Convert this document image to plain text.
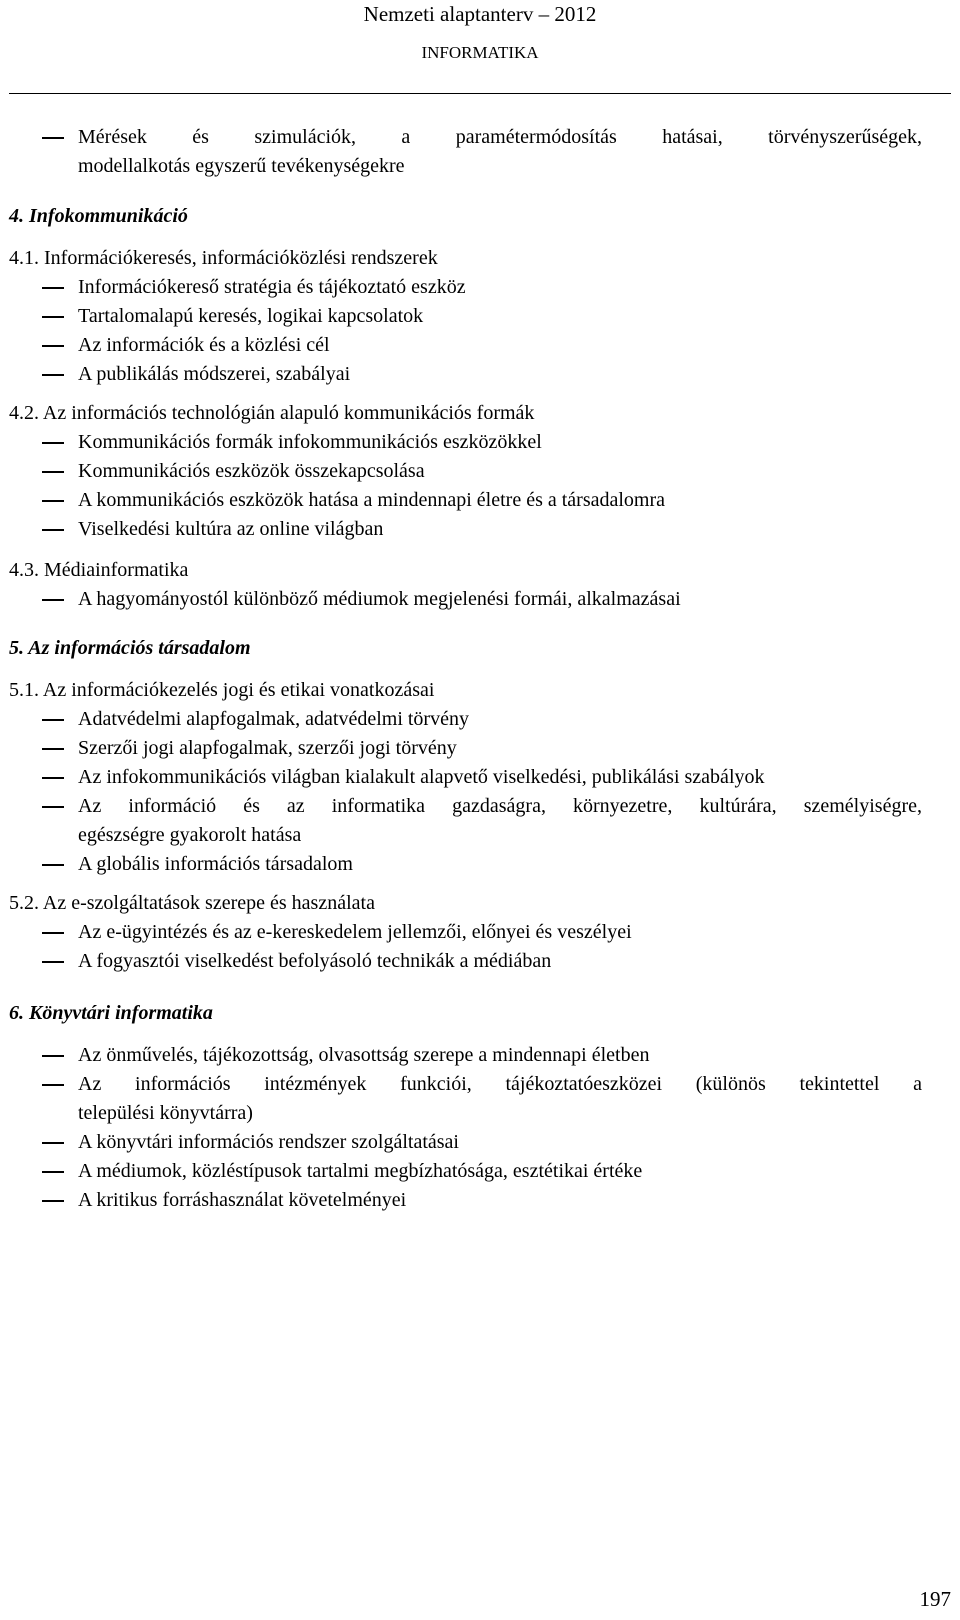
Nemzeti alaptanterv – 2012
INFORMATIKA
Mérések és szimulációk, a paramétermódosítás hatásai, törvényszerűségek,
modellalkotás egyszerű tevékenységekre
4. Infokommunikáció
4.1. Információkeresés, információközlési rendszerek
Információkereső stratégia és tájékoztató eszköz
Tartalomalapú keresés, logikai kapcsolatok
Az információk és a közlési cél
A publikálás módszerei, szabályai
4.2. Az információs technológián alapuló kommunikációs formák
Kommunikációs formák infokommunikációs eszközökkel
Kommunikációs eszközök összekapcsolása
A kommunikációs eszközök hatása a mindennapi életre és a társadalomra
Viselkedési kultúra az online világban
4.3. Médiainformatika
A hagyományostól különböző médiumok megjelenési formái, alkalmazásai
5. Az információs társadalom
5.1. Az információkezelés jogi és etikai vonatkozásai
Adatvédelmi alapfogalmak, adatvédelmi törvény
Szerzői jogi alapfogalmak, szerzői jogi törvény
Az infokommunikációs világban kialakult alapvető viselkedési, publikálási szabályok
Az információ és az informatika gazdaságra, környezetre, kultúrára, személyiségre,
egészségre gyakorolt hatása
A globális információs társadalom
5.2. Az e-szolgáltatások szerepe és használata
Az e-ügyintézés és az e-kereskedelem jellemzői, előnyei és veszélyei
A fogyasztói viselkedést befolyásoló technikák a médiában
6. Könyvtári informatika
Az önművelés, tájékozottság, olvasottság szerepe a mindennapi életben
Az információs intézmények funkciói, tájékoztatóeszközei (különös tekintettel a
települési könyvtárra)
A könyvtári információs rendszer szolgáltatásai
A médiumok, közléstípusok tartalmi megbízhatósága, esztétikai értéke
A kritikus forráshasználat követelményei
197
